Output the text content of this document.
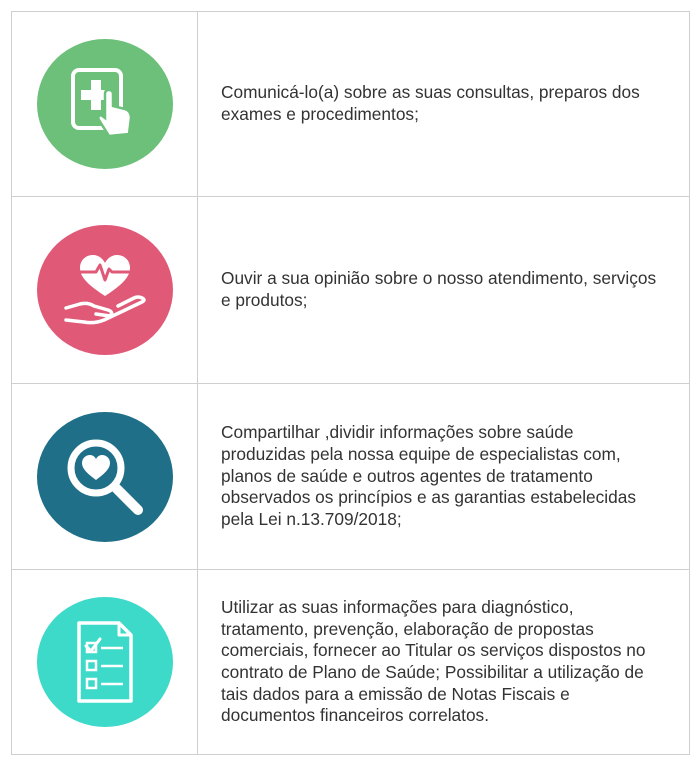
Comunicá-lo(a) sobre as suas consultas, preparos dos exames e procedimentos;

Ouvir a sua opinião sobre o nosso atendimento, serviços e produtos;

Compartilhar ,dividir informações sobre saúde produzidas pela nossa equipe de especialistas com, planos de saúde e outros agentes de tratamento observados os princípios e as garantias estabelecidas pela Lei n.13.709/2018;

Utilizar as suas informações para diagnóstico, tratamento, prevenção, elaboração de propostas comerciais, fornecer ao Titular os serviços dispostos no contrato de Plano de Saúde; Possibilitar a utilização de tais dados para a emissão de Notas Fiscais e documentos financeiros correlatos.
